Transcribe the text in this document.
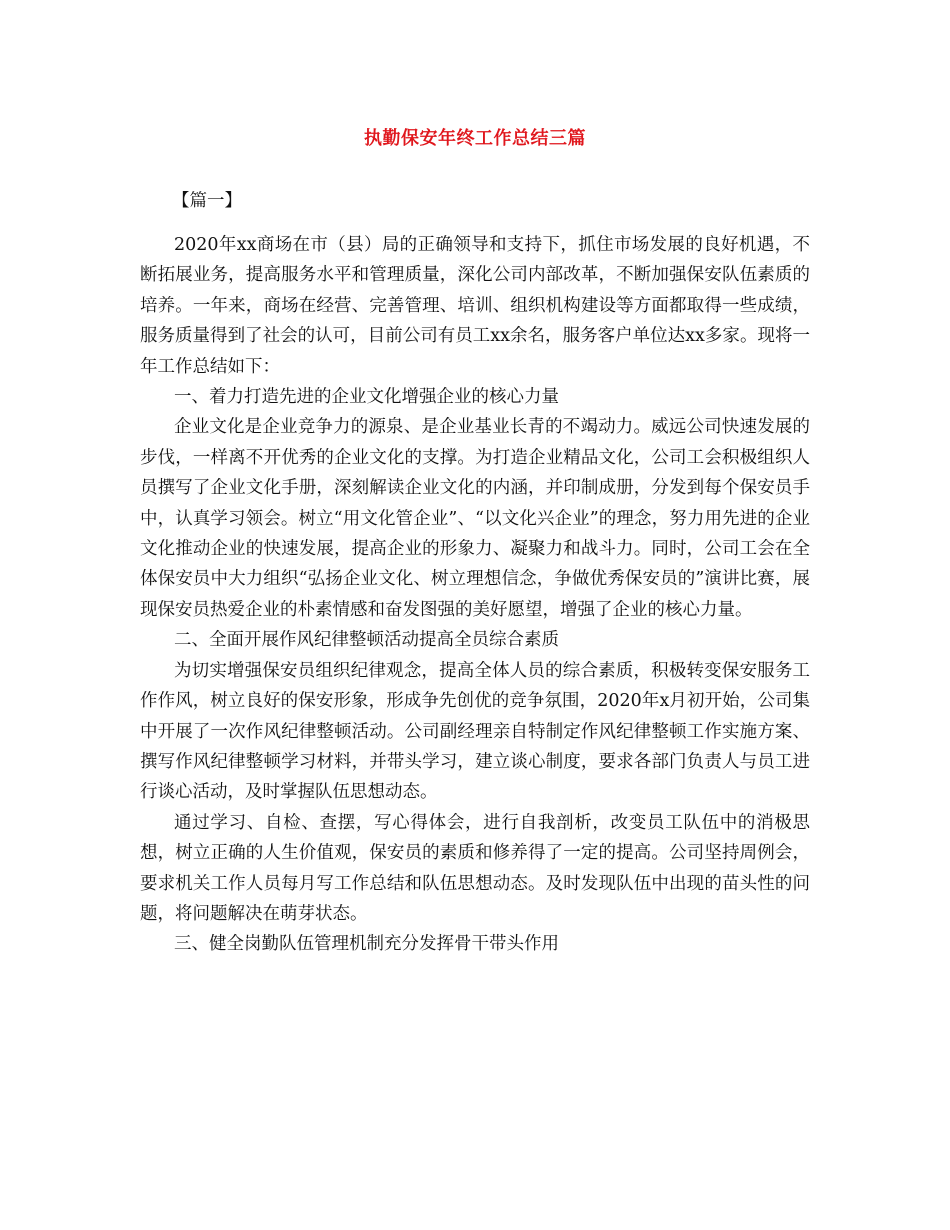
执勤保安年终工作总结三篇

【篇一】

2020年xx商场在市（县）局的正确领导和支持下，抓住市场发展的良好机遇，不断拓展业务，提高服务水平和管理质量，深化公司内部改革，不断加强保安队伍素质的培养。一年来，商场在经营、完善管理、培训、组织机构建设等方面都取得一些成绩，服务质量得到了社会的认可，目前公司有员工xx余名，服务客户单位达xx多家。现将一年工作总结如下：

一、着力打造先进的企业文化增强企业的核心力量

企业文化是企业竞争力的源泉、是企业基业长青的不竭动力。威远公司快速发展的步伐，一样离不开优秀的企业文化的支撑。为打造企业精品文化，公司工会积极组织人员撰写了企业文化手册，深刻解读企业文化的内涵，并印制成册，分发到每个保安员手中，认真学习领会。树立“用文化管企业”、“以文化兴企业”的理念，努力用先进的企业文化推动企业的快速发展，提高企业的形象力、凝聚力和战斗力。同时，公司工会在全体保安员中大力组织“弘扬企业文化、树立理想信念，争做优秀保安员的”演讲比赛，展现保安员热爱企业的朴素情感和奋发图强的美好愿望，增强了企业的核心力量。

二、全面开展作风纪律整顿活动提高全员综合素质

为切实增强保安员组织纪律观念，提高全体人员的综合素质，积极转变保安服务工作作风，树立良好的保安形象，形成争先创优的竞争氛围，2020年x月初开始，公司集中开展了一次作风纪律整顿活动。公司副经理亲自特制定作风纪律整顿工作实施方案、撰写作风纪律整顿学习材料，并带头学习，建立谈心制度，要求各部门负责人与员工进行谈心活动，及时掌握队伍思想动态。

通过学习、自检、查摆，写心得体会，进行自我剖析，改变员工队伍中的消极思想，树立正确的人生价值观，保安员的素质和修养得了一定的提高。公司坚持周例会，要求机关工作人员每月写工作总结和队伍思想动态。及时发现队伍中出现的苗头性的问题，将问题解决在萌芽状态。

三、健全岗勤队伍管理机制充分发挥骨干带头作用
